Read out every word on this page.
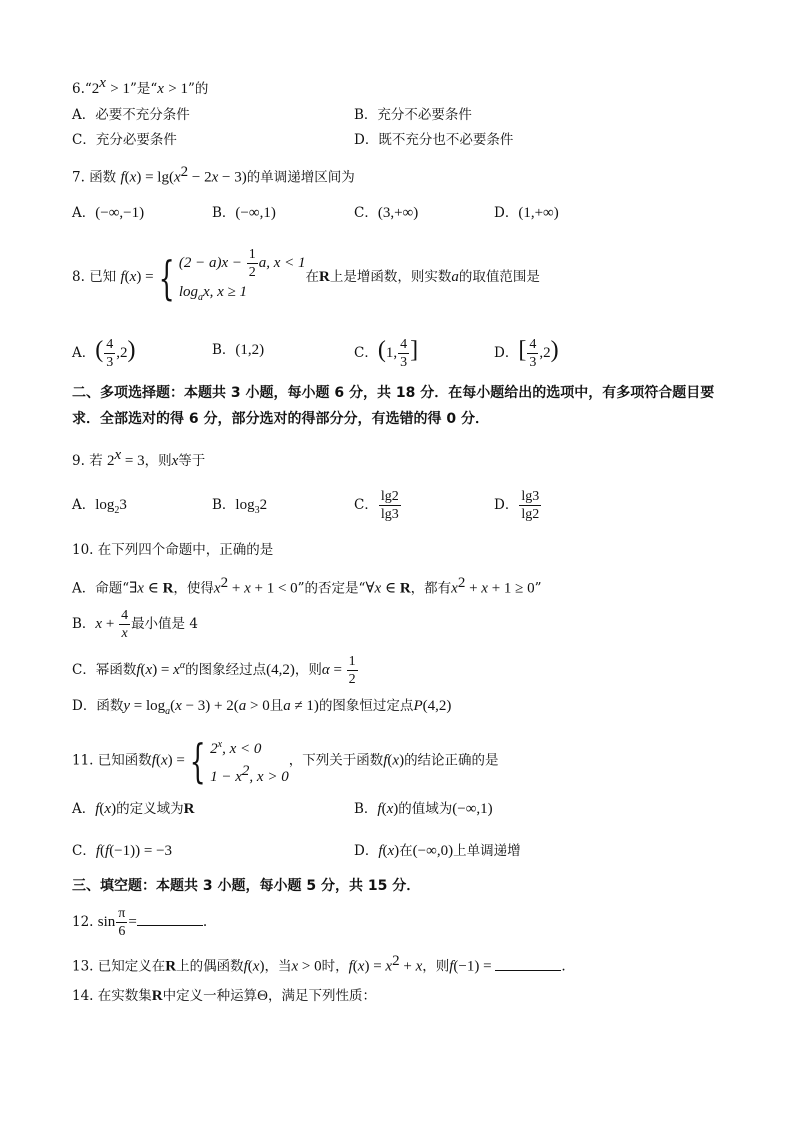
$6.“2^x > 1$”是“x > 1”的
A．必要不充分条件	B．充分不必要条件
C．充分必要条件	D．既不充分也不必要条件
7. 函数 $f(x) = \lg(x^2 - 2x - 3)$的单调递增区间为
A．(−∞,−1)	B．(−∞,1)	C．(3,+∞)	D．(1,+∞)
8. 已知 f(x) ={ $(2 - a)x - \frac{1}{2} a$, x < 1
$\log_ax$, x ≥ 1
在R上是增函数，则实数a的取值范围是
A．( $\frac{4}{3} ,2$)	B．(1,2)	C．(1, $\frac{4}{3}$ ]	D．[ $\frac{4}{3} ,2$)
二、多项选择题：本题共 3 小题，每小题 6 分，共 18 分．在每小题给出的选项中，有多项符合题目要求．全部选对的得 6 分，部分选对的得部分分，有选错的得 0 分．
9. 若 $2^x = 3$，则x等于
A．$\log_23$	B．$\log_32$	C． $\frac{\lg 2}{\lg 3}$	D． $\frac{\lg 3}{\lg 2}$
10. 在下列四个命题中，正确的是
A．命题“∃x ∈ R，使得$x^2 + x + 1 < 0$”的否定是“∀x ∈ R，都有$x^2 + x + 1 \ge 0$”
B．$x + \frac{4}{x}$ 最小值是 4
C．幂函数$f(x) = x^\alpha$的图象经过点(4,2)，则$\alpha = \frac{1}{2}$
D．函数$y = \log_a(x - 3) + 2(a > 0$且a ≠ 1)的图象恒过定点P(4,2)
11. 已知函数f(x) ={ 2$^x$, x < 0
$1 - x^2$, x > 0
，下列关于函数f(x)的结论正确的是
A．f(x)的定义域为R	B．f(x)的值域为(−∞,1)
C．f(f(−1)) = −3	D．f(x)在(−∞,0)上单调递增
三、填空题：本题共 3 小题，每小题 5 分，共 15 分．
12. $\sin \frac{\pi}{6}$ =	.
13. 已知定义在R上的偶函数f(x)，当x > 0时，$f(x) = x^2 + x$，则f(−1) =	.
14. 在实数集R中定义一种运算Θ，满足下列性质：
